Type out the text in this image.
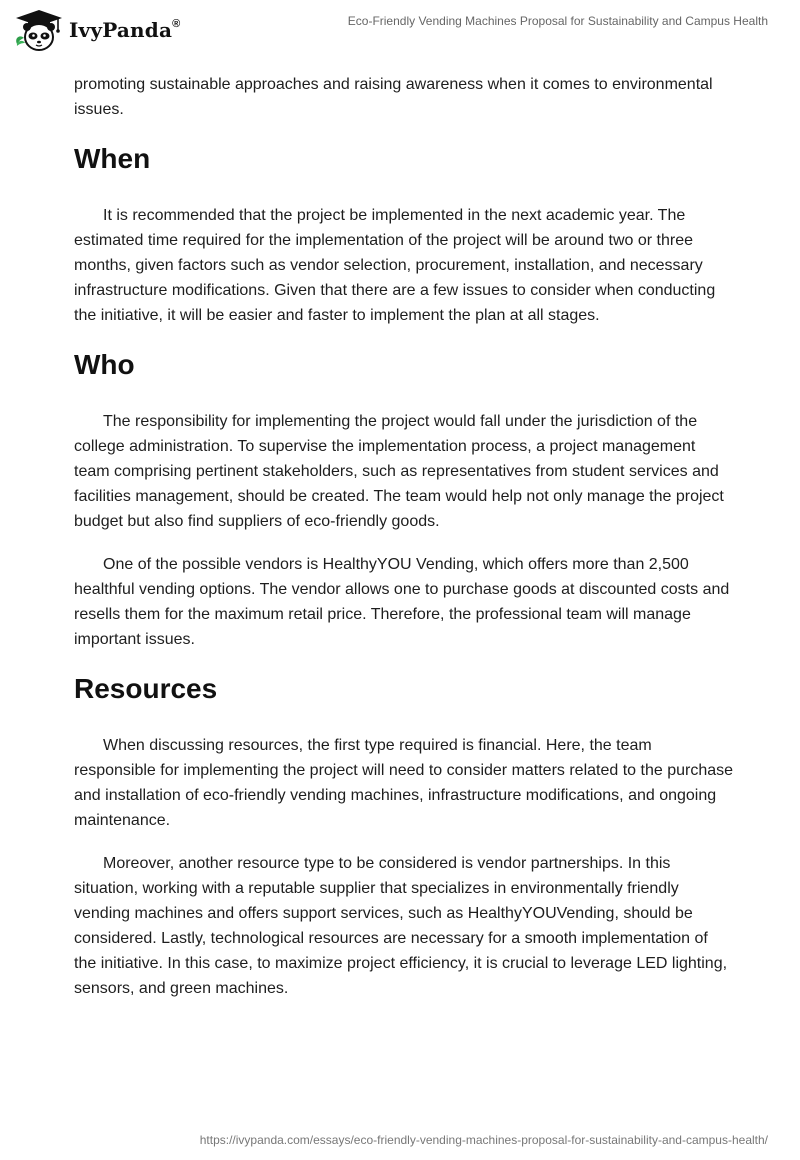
IvyPanda®	Eco-Friendly Vending Machines Proposal for Sustainability and Campus Health

promoting sustainable approaches and raising awareness when it comes to environmental issues.

When

It is recommended that the project be implemented in the next academic year. The estimated time required for the implementation of the project will be around two or three months, given factors such as vendor selection, procurement, installation, and necessary infrastructure modifications. Given that there are a few issues to consider when conducting the initiative, it will be easier and faster to implement the plan at all stages.

Who

The responsibility for implementing the project would fall under the jurisdiction of the college administration. To supervise the implementation process, a project management team comprising pertinent stakeholders, such as representatives from student services and facilities management, should be created. The team would help not only manage the project budget but also find suppliers of eco-friendly goods.

One of the possible vendors is HealthyYOU Vending, which offers more than 2,500 healthful vending options. The vendor allows one to purchase goods at discounted costs and resells them for the maximum retail price. Therefore, the professional team will manage important issues.

Resources

When discussing resources, the first type required is financial. Here, the team responsible for implementing the project will need to consider matters related to the purchase and installation of eco-friendly vending machines, infrastructure modifications, and ongoing maintenance.

Moreover, another resource type to be considered is vendor partnerships. In this situation, working with a reputable supplier that specializes in environmentally friendly vending machines and offers support services, such as HealthyYOUVending, should be considered. Lastly, technological resources are necessary for a smooth implementation of the initiative. In this case, to maximize project efficiency, it is crucial to leverage LED lighting, sensors, and green machines.

https://ivypanda.com/essays/eco-friendly-vending-machines-proposal-for-sustainability-and-campus-health/
